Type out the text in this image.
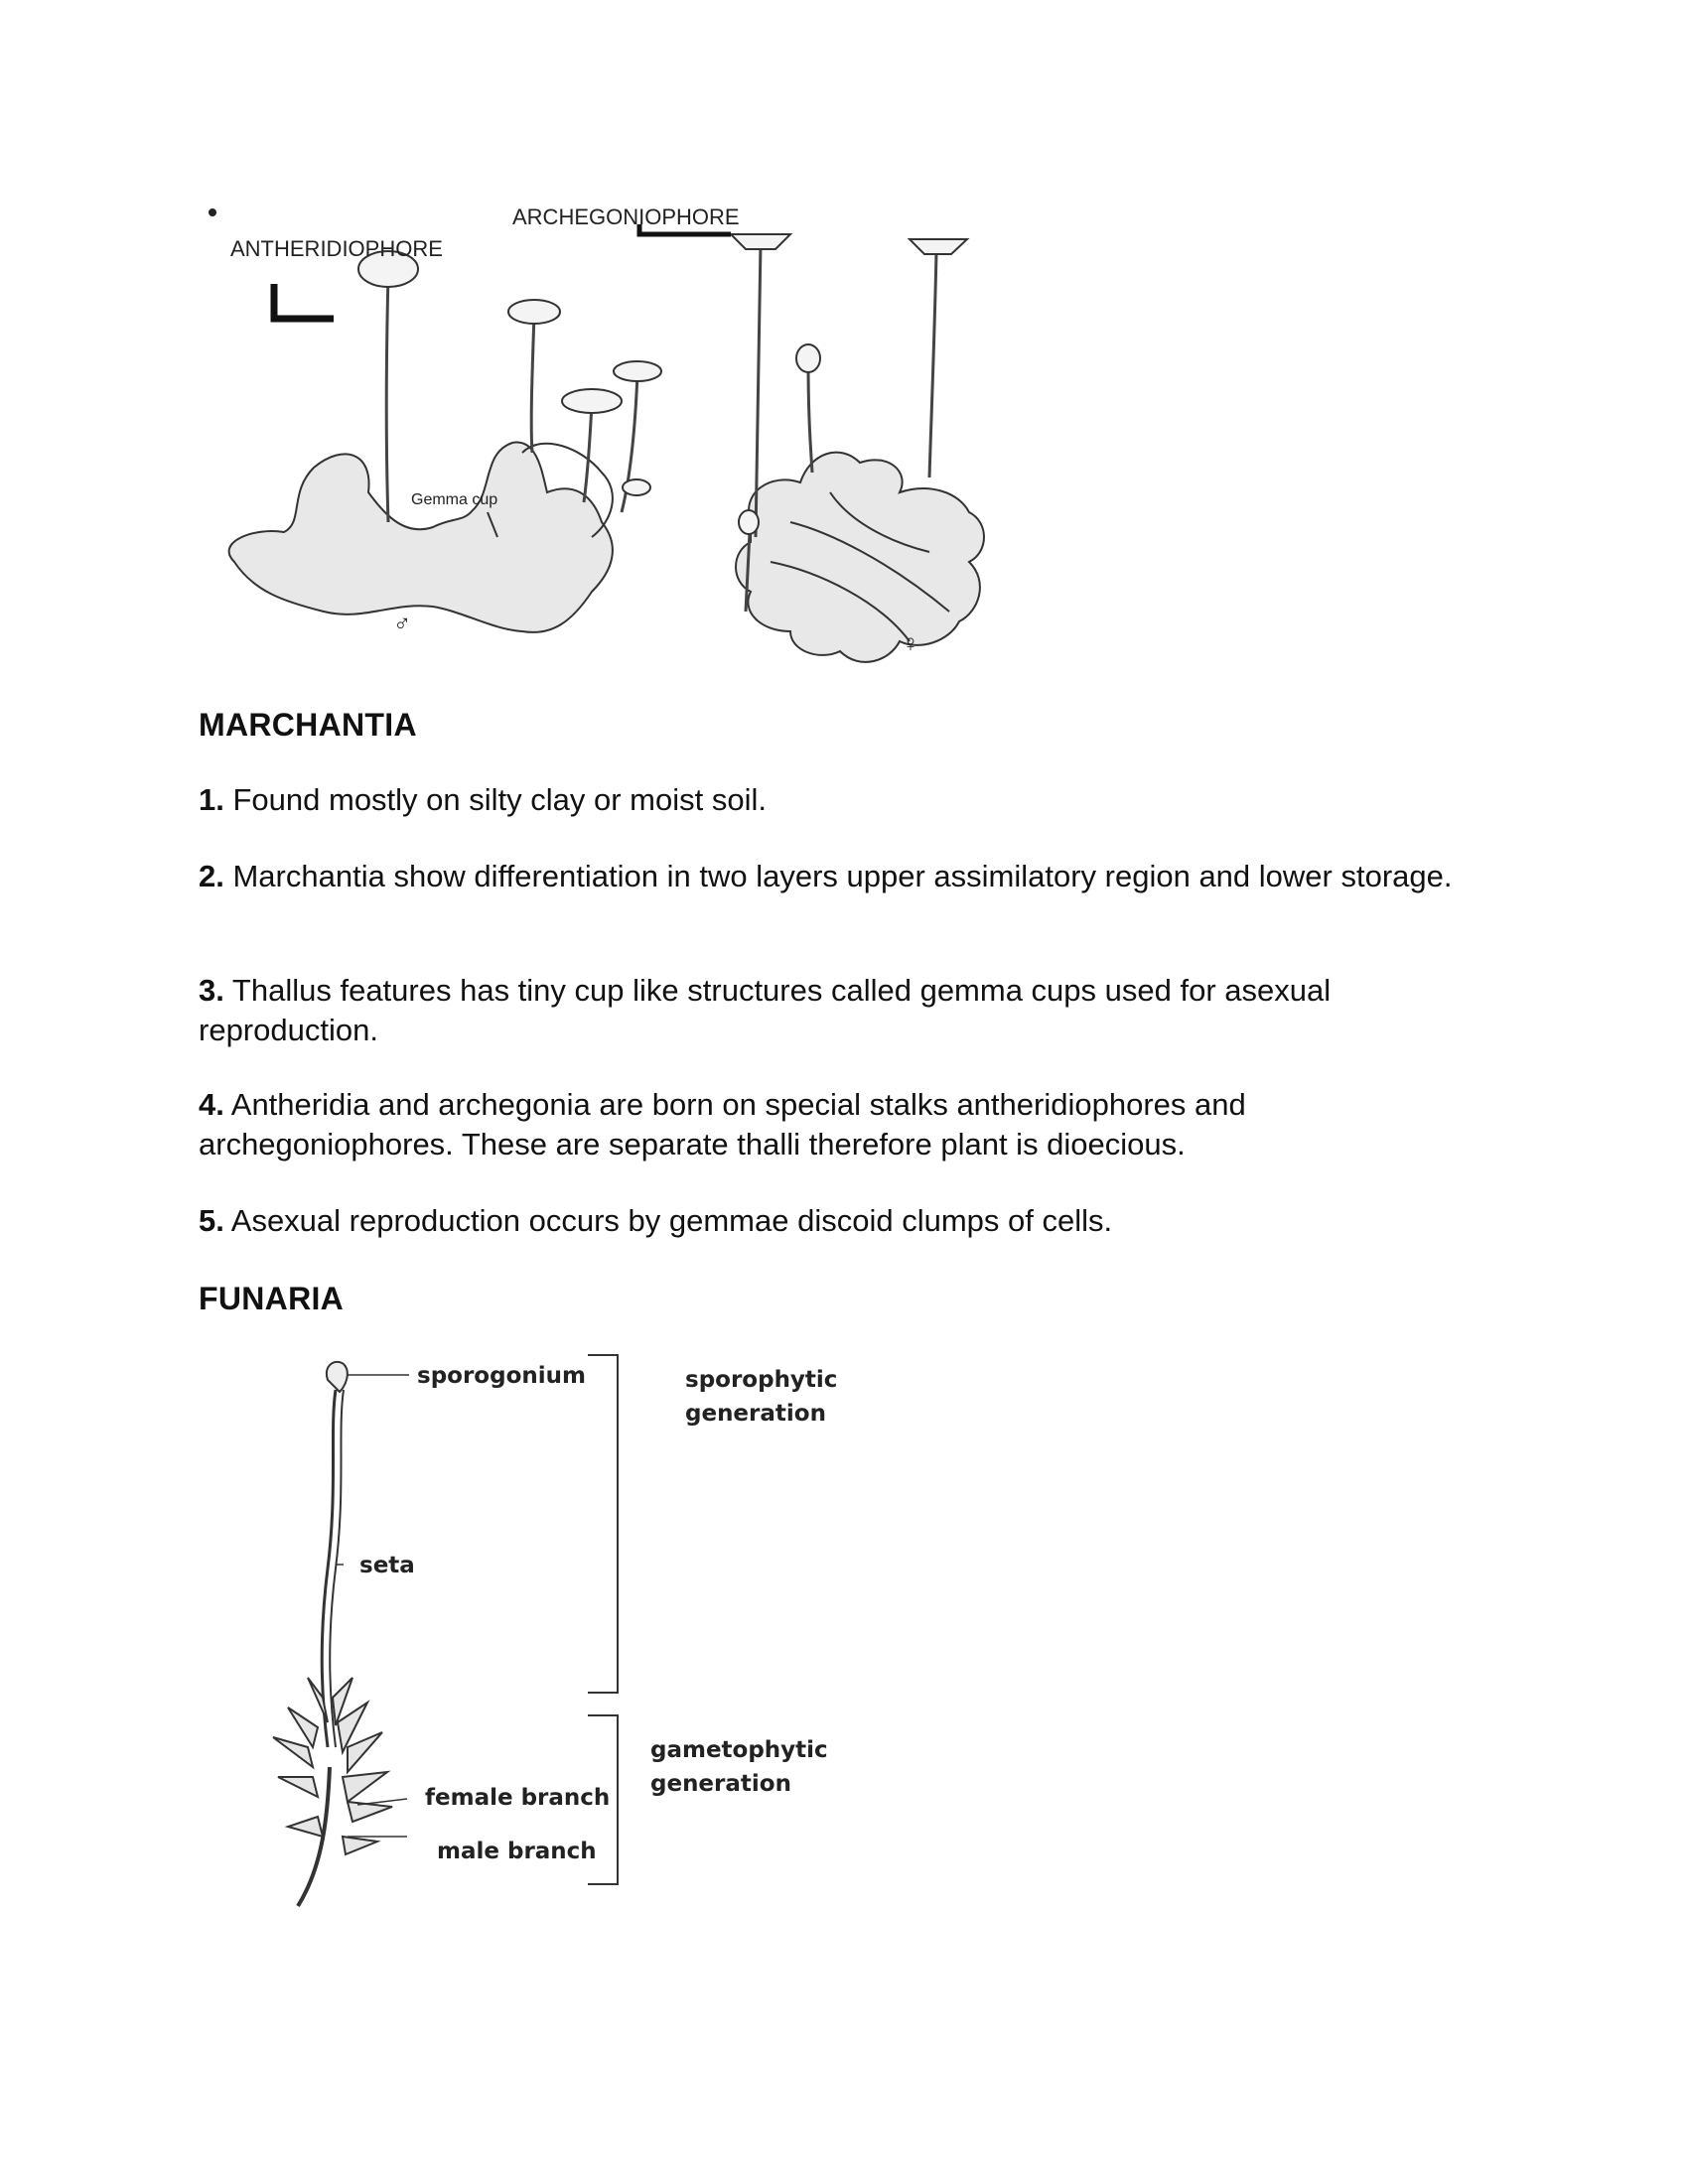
ANTHERIDIOPHORE
ARCHEGONIOPHORE
Gemma cup
♂
♀
MARCHANTIA
1. Found mostly on silty clay or moist soil.
2. Marchantia show differentiation in two layers upper assimilatory region and lower storage.
3. Thallus features has tiny cup like structures called gemma cups used for asexual reproduction.
4. Antheridia and archegonia are born on special stalks antheridiophores and archegoniophores. These are separate thalli therefore plant is dioecious.
5. Asexual reproduction occurs by gemmae discoid clumps of cells.
FUNARIA
sporogonium
seta
female branch
male branch
sporophytic
generation
gametophytic
generation
